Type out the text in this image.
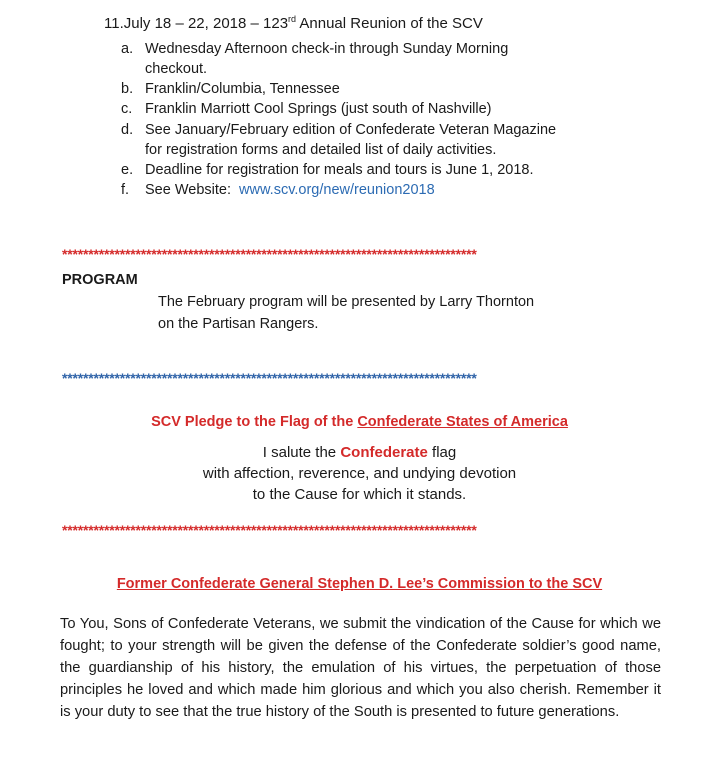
11.July 18 – 22, 2018 – 123rd Annual Reunion of the SCV
a. Wednesday Afternoon check-in through Sunday Morning
checkout.
b. Franklin/Columbia, Tennessee
c. Franklin Marriott Cool Springs (just south of Nashville)
d. See January/February edition of Confederate Veteran Magazine
for registration forms and detailed list of daily activities.
e. Deadline for registration for meals and tours is June 1, 2018.
f.	See Website: www.scv.org/new/reunion2018
*******************************************************************************
PROGRAM
The February program will be presented by Larry Thornton
on the Partisan Rangers.
*******************************************************************************
SCV Pledge to the Flag of the Confederate States of America
I salute the Confederate flag
with affection, reverence, and undying devotion
to the Cause for which it stands.
*******************************************************************************
Former Confederate General Stephen D. Lee’s Commission to the SCV
To You, Sons of Confederate Veterans, we submit the vindication of the Cause for which we fought; to your strength will be given the defense of the Confederate soldier’s good name, the guardianship of his history, the emulation of his virtues, the perpetuation of those principles he loved and which made him glorious and which you also cherish. Remember it is your duty to see that the true history of the South is presented to future generations.
